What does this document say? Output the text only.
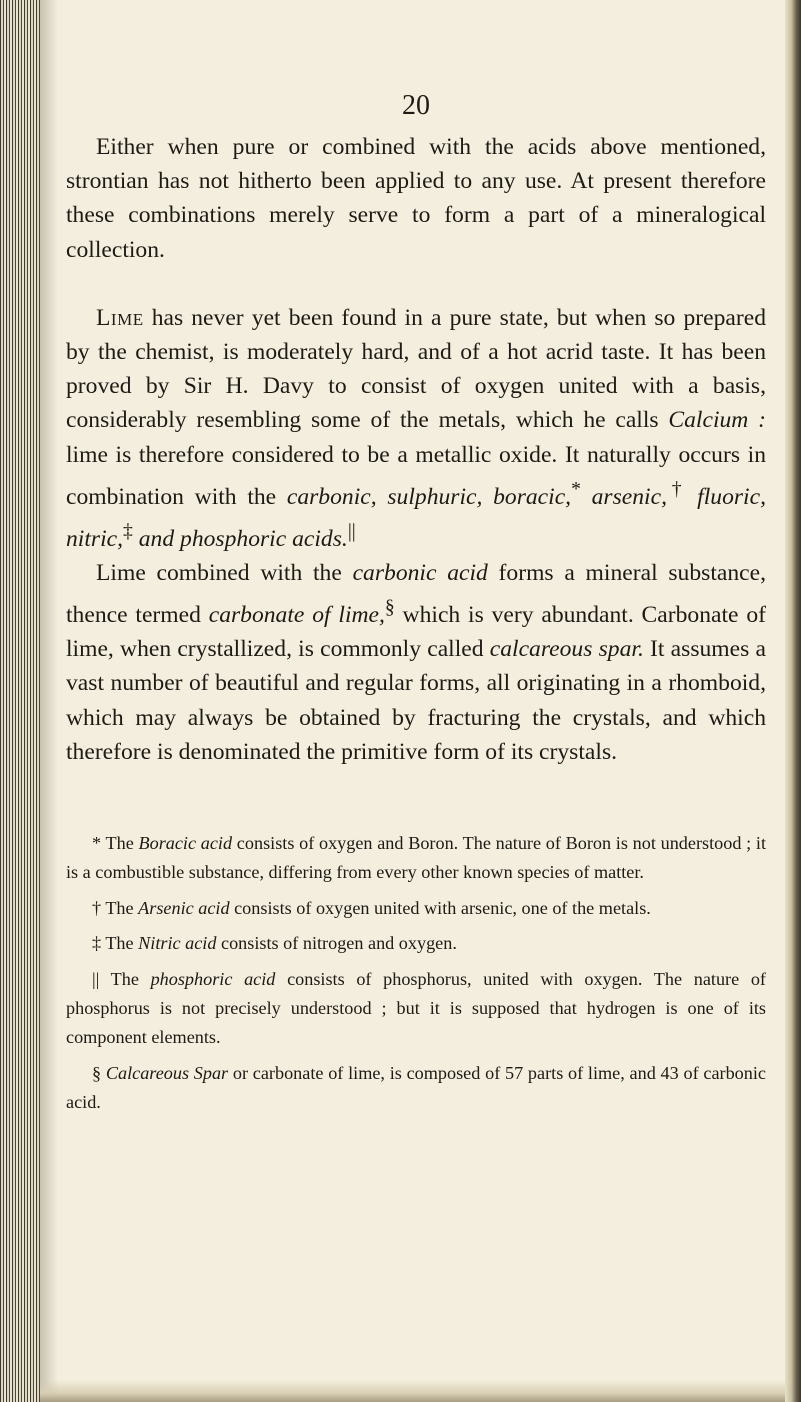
20

Either when pure or combined with the acids above mentioned, strontian has not hitherto been applied to any use. At present therefore these combinations merely serve to form a part of a mineralogical collection.

Lime has never yet been found in a pure state, but when so prepared by the chemist, is moderately hard, and of a hot acrid taste. It has been proved by Sir H. Davy to consist of oxygen united with a basis, considerably resembling some of the metals, which he calls Calcium : lime is therefore considered to be a metallic oxide. It naturally occurs in combination with the carbonic, sulphuric, boracic,* arsenic,† fluoric, nitric,‡ and phosphoric acids.||

Lime combined with the carbonic acid forms a mineral substance, thence termed carbonate of lime,§ which is very abundant. Carbonate of lime, when crystallized, is commonly called calcareous spar. It assumes a vast number of beautiful and regular forms, all originating in a rhomboid, which may always be obtained by fracturing the crystals, and which therefore is denominated the primitive form of its crystals.

* The Boracic acid consists of oxygen and Boron. The nature of Boron is not understood ; it is a combustible substance, differing from every other known species of matter.

† The Arsenic acid consists of oxygen united with arsenic, one of the metals.

‡ The Nitric acid consists of nitrogen and oxygen.

|| The phosphoric acid consists of phosphorus, united with oxygen. The nature of phosphorus is not precisely understood ; but it is supposed that hydrogen is one of its component elements.

§ Calcareous Spar or carbonate of lime, is composed of 57 parts of lime, and 43 of carbonic acid.
